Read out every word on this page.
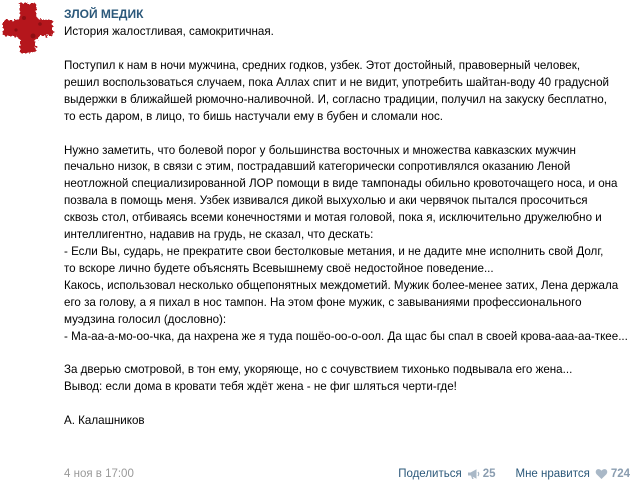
ЗЛОЙ МЕДИК

История жалостливая, самокритичная.

Поступил к нам в ночи мужчина, средних годков, узбек. Этот достойный, правоверный человек,

решил воспользоваться случаем, пока Аллах спит и не видит, употребить шайтан-воду 40 градусной

выдержки в ближайшей рюмочно-наливочной. И, согласно традиции, получил на закуску бесплатно,

то есть даром, в лицо, то бишь настучали ему в бубен и сломали нос.

Нужно заметить, что болевой порог у большинства восточных и множества кавказских мужчин

печально низок, в связи с этим, пострадавший категорически сопротивлялся оказанию Леной

неотложной специализированной ЛОР помощи в виде тампонады обильно кровоточащего носа, и она

позвала в помощь меня. Узбек извивался дикой выхухолью и аки червячок пытался просочиться

сквозь стол, отбиваясь всеми конечностями и мотая головой, пока я, исключительно дружелюбно и

интеллигентно, надавив на грудь, не сказал, что дескать:

- Если Вы, сударь, не прекратите свои бестолковые метания, и не дадите мне исполнить свой Долг,

то вскоре лично будете объяснять Всевышнему своё недостойное поведение...

Какось, использовал несколько общепонятных междометий. Мужик более-менее затих, Лена держала

его за голову, а я пихал в нос тампон. На этом фоне мужик, с завываниями профессионального

муэдзина голосил (дословно):

- Ма-аа-а-мо-оо-чка, да нахрена же я туда пошёо-оо-о-оол. Да щас бы спал в своей крова-ааа-аа-ткее...

За дверью смотровой, в тон ему, укоряюще, но с сочувствием тихонько подвывала его жена...

Вывод: если дома в кровати тебя ждёт жена - не фиг шляться черти-где!

А. Калашников

4 ноя в 17:00	Поделиться 25 Мне нравится 724
